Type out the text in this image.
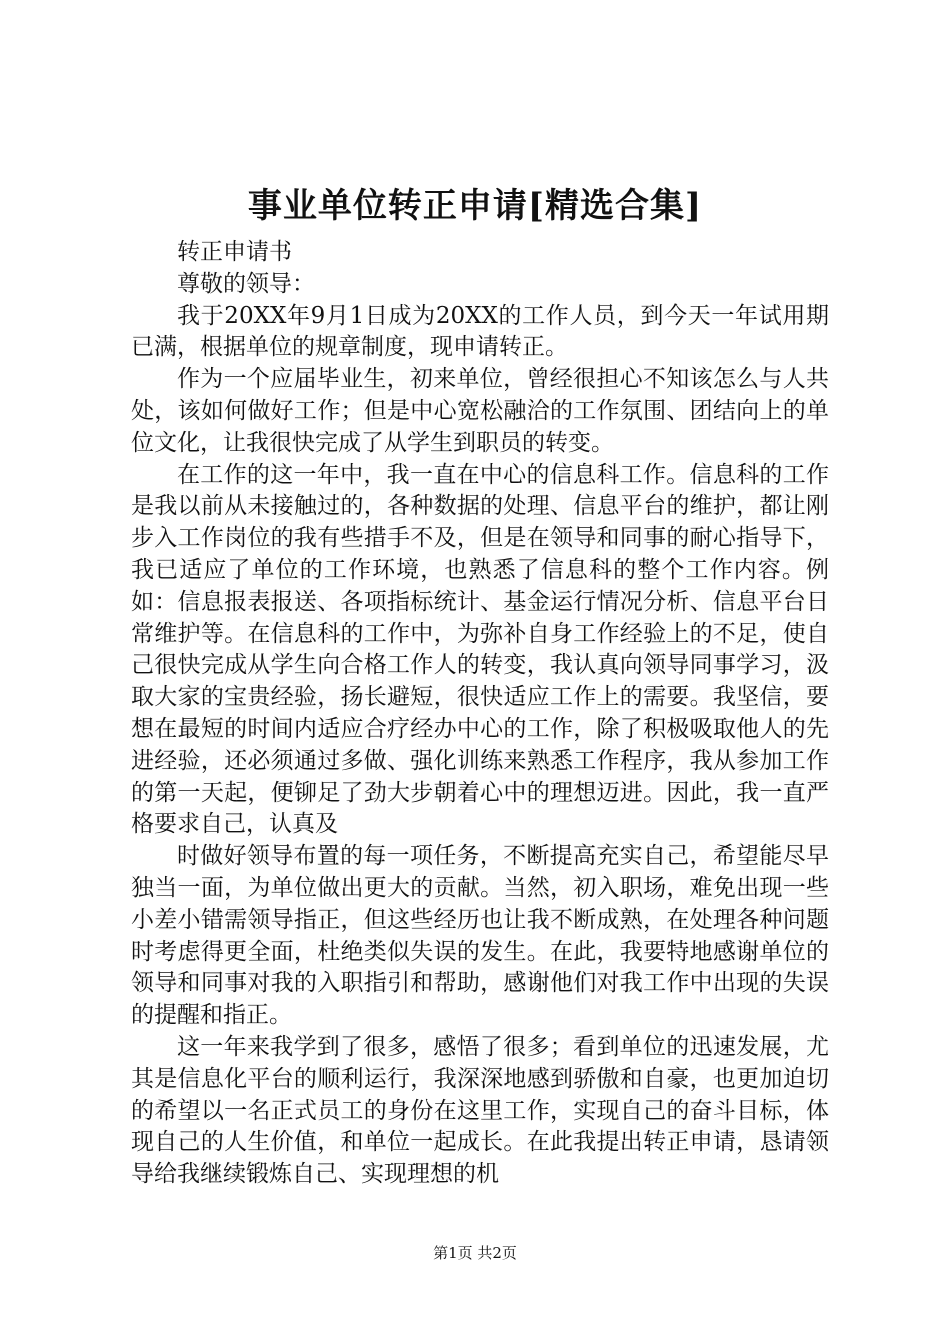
事业单位转正申请[精选合集]

转正申请书

尊敬的领导：

我于20XX年9月1日成为20XX的工作人员，到今天一年试用期已满，根据单位的规章制度，现申请转正。

作为一个应届毕业生，初来单位，曾经很担心不知该怎么与人共处，该如何做好工作；但是中心宽松融洽的工作氛围、团结向上的单位文化，让我很快完成了从学生到职员的转变。

在工作的这一年中，我一直在中心的信息科工作。信息科的工作是我以前从未接触过的，各种数据的处理、信息平台的维护，都让刚步入工作岗位的我有些措手不及，但是在领导和同事的耐心指导下，我已适应了单位的工作环境，也熟悉了信息科的整个工作内容。例如：信息报表报送、各项指标统计、基金运行情况分析、信息平台日常维护等。在信息科的工作中，为弥补自身工作经验上的不足，使自己很快完成从学生向合格工作人的转变，我认真向领导同事学习，汲取大家的宝贵经验，扬长避短，很快适应工作上的需要。我坚信，要想在最短的时间内适应合疗经办中心的工作，除了积极吸取他人的先进经验，还必须通过多做、强化训练来熟悉工作程序，我从参加工作的第一天起，便铆足了劲大步朝着心中的理想迈进。因此，我一直严格要求自己，认真及

时做好领导布置的每一项任务，不断提高充实自己，希望能尽早独当一面，为单位做出更大的贡献。当然，初入职场，难免出现一些小差小错需领导指正，但这些经历也让我不断成熟，在处理各种问题时考虑得更全面，杜绝类似失误的发生。在此，我要特地感谢单位的领导和同事对我的入职指引和帮助，感谢他们对我工作中出现的失误的提醒和指正。

这一年来我学到了很多，感悟了很多；看到单位的迅速发展，尤其是信息化平台的顺利运行，我深深地感到骄傲和自豪，也更加迫切的希望以一名正式员工的身份在这里工作，实现自己的奋斗目标，体现自己的人生价值，和单位一起成长。在此我提出转正申请，恳请领导给我继续锻炼自己、实现理想的机

第1页 共2页
